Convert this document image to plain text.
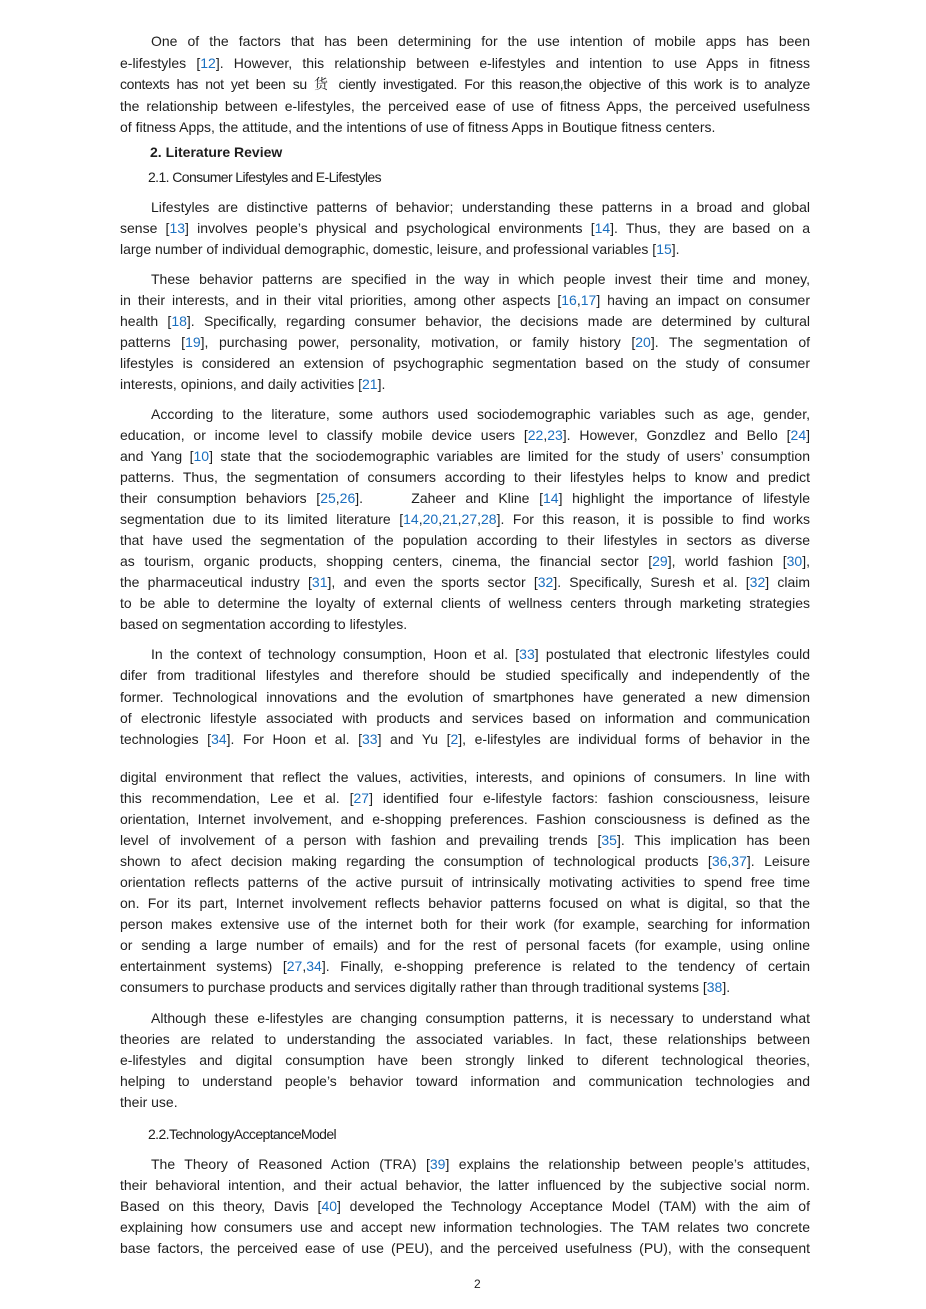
One of the factors that has been determining for the use intention of mobile apps has been
e-lifestyles [12]. However, this relationship between e-lifestyles and intention to use Apps in fitness
contexts has not yet been su 货 ciently investigated. For this reason,the objective of this work is to analyze
the relationship between e-lifestyles, the perceived ease of use of fitness Apps, the perceived usefulness
of fitness Apps, the attitude, and the intentions of use of fitness Apps in Boutique fitness centers.
2. Literature Review
2.1. Consumer Lifestyles and E-Lifestyles
Lifestyles are distinctive patterns of behavior; understanding these patterns in a broad and global
sense [13] involves people’s physical and psychological environments [14]. Thus, they are based on a
large number of individual demographic, domestic, leisure, and professional variables [15].
These behavior patterns are specified in the way in which people invest their time and money,
in their interests, and in their vital priorities, among other aspects [16,17] having an impact on consumer
health [18]. Specifically, regarding consumer behavior, the decisions made are determined by cultural
patterns [19], purchasing power, personality, motivation, or family history [20]. The segmentation of
lifestyles is considered an extension of psychographic segmentation based on the study of consumer
interests, opinions, and daily activities [21].
According to the literature, some authors used sociodemographic variables such as age, gender,
education, or income level to classify mobile device users [22,23]. However, Gonzdlez and Bello [24]
and Yang [10] state that the sociodemographic variables are limited for the study of users’ consumption
patterns. Thus, the segmentation of consumers according to their lifestyles helps to know and predict
their consumption behaviors [25,26].     Zaheer and Kline [14] highlight the importance of lifestyle
segmentation due to its limited literature [14,20,21,27,28]. For this reason, it is possible to find works
that have used the segmentation of the population according to their lifestyles in sectors as diverse
as tourism, organic products, shopping centers, cinema, the financial sector [29], world fashion [30],
the pharmaceutical industry [31], and even the sports sector [32]. Specifically, Suresh et al. [32] claim
to be able to determine the loyalty of external clients of wellness centers through marketing strategies
based on segmentation according to lifestyles.
In the context of technology consumption, Hoon et al. [33] postulated that electronic lifestyles could
difer from traditional lifestyles and therefore should be studied specifically and independently of the
former. Technological innovations and the evolution of smartphones have generated a new dimension
of electronic lifestyle associated with products and services based on information and communication
technologies [34]. For Hoon et al. [33] and Yu [2], e-lifestyles are individual forms of behavior in the
digital environment that reflect the values, activities, interests, and opinions of consumers. In line with
this recommendation, Lee et al. [27] identified four e-lifestyle factors: fashion consciousness, leisure
orientation, Internet involvement, and e-shopping preferences. Fashion consciousness is defined as the
level of involvement of a person with fashion and prevailing trends [35]. This implication has been
shown to afect decision making regarding the consumption of technological products [36,37]. Leisure
orientation reflects patterns of the active pursuit of intrinsically motivating activities to spend free time
on. For its part, Internet involvement reflects behavior patterns focused on what is digital, so that the
person makes extensive use of the internet both for their work (for example, searching for information
or sending a large number of emails) and for the rest of personal facets (for example, using online
entertainment systems) [27,34]. Finally, e-shopping preference is related to the tendency of certain
consumers to purchase products and services digitally rather than through traditional systems [38].
Although these e-lifestyles are changing consumption patterns, it is necessary to understand what
theories are related to understanding the associated variables. In fact, these relationships between
e-lifestyles and digital consumption have been strongly linked to diferent technological theories,
helping to understand people’s behavior toward information and communication technologies and
their use.
2.2.TechnologyAcceptanceModel
The Theory of Reasoned Action (TRA) [39] explains the relationship between people’s attitudes,
their behavioral intention, and their actual behavior, the latter influenced by the subjective social norm.
Based on this theory, Davis [40] developed the Technology Acceptance Model (TAM) with the aim of
explaining how consumers use and accept new information technologies. The TAM relates two concrete
base factors, the perceived ease of use (PEU), and the perceived usefulness (PU), with the consequent
2
